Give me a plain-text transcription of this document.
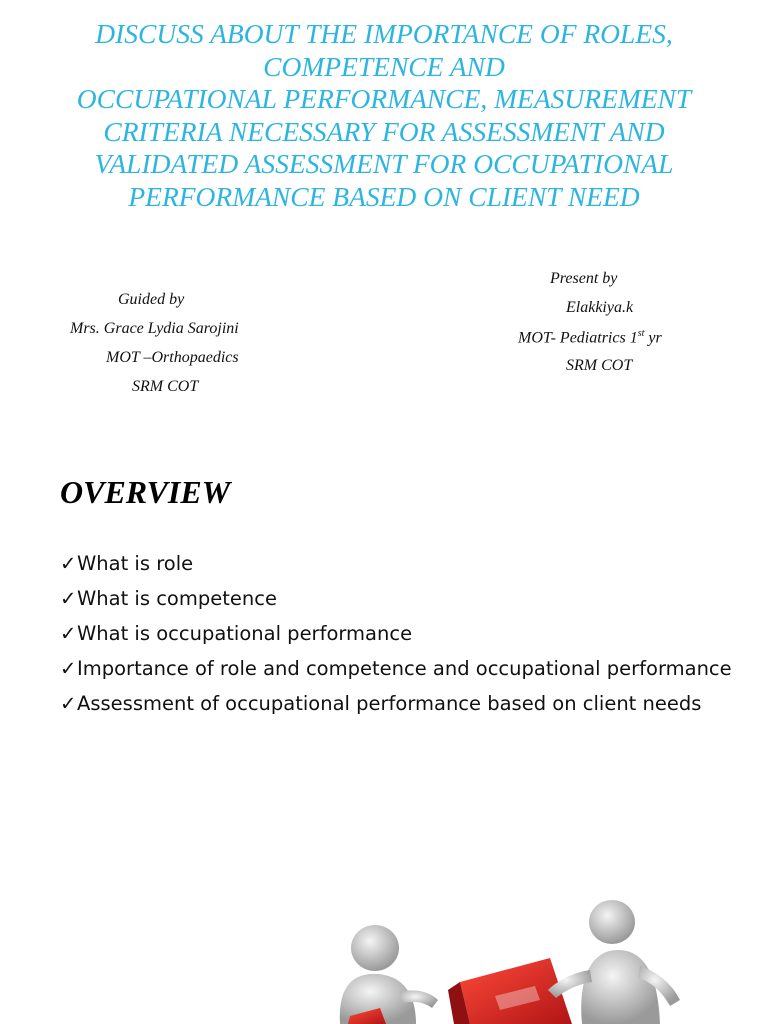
DISCUSS ABOUT THE IMPORTANCE OF ROLES,
COMPETENCE AND
OCCUPATIONAL PERFORMANCE, MEASUREMENT
CRITERIA NECESSARY FOR ASSESSMENT AND
VALIDATED ASSESSMENT FOR OCCUPATIONAL
PERFORMANCE BASED ON CLIENT NEED
Guided by
Mrs. Grace Lydia Sarojini
MOT –Orthopaedics
SRM COT
Present by
Elakkiya.k
MOT- Pediatrics 1st yr
SRM COT
OVERVIEW
✓What is role
✓What is competence
✓What is occupational performance
✓Importance of role and competence and occupational performance
✓Assessment of occupational performance based on client needs
